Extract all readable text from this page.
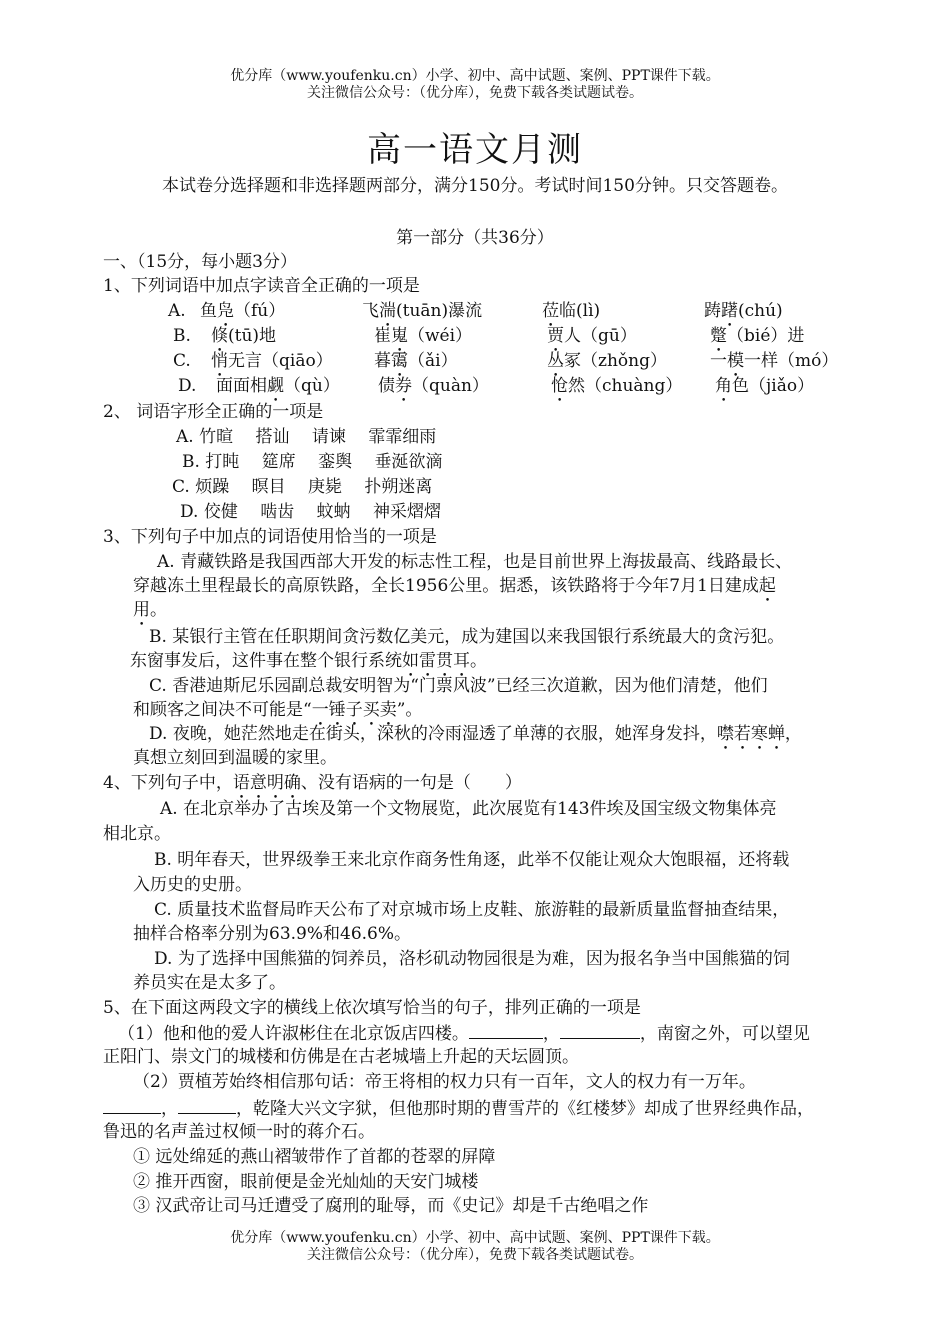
优分库（www.youfenku.cn）小学、初中、高中试题、案例、PPT课件下载。
关注微信公众号：（优分库），免费下载各类试题试卷。
高一语文月测
本试卷分选择题和非选择题两部分，满分150分。考试时间150分钟。只交答题卷。
第一部分（共36分）
一、（15分，每小题3分）
1、下列词语中加点字读音全正确的一项是
A. 鱼凫（fú）	飞湍(tuān)瀑流	莅临(lì)	踌躇(chú)
B. 倏(tū)地	崔嵬（wéi）	贾人（gū）	蹩（bié）进
C. 悄无言（qiāo） 暮霭（ǎi）	丛冢（zhǒng）	一模一样（mó）
D. 面面相觑（qù） 债券（quàn）	怆然（chuàng） 角色（jiǎo）
2、 词语字形全正确的一项是
A. 竹暄　 搭讪　 请谏　 霏霏细雨
B. 打盹　 筵席　 銮舆　 垂涎欲滴
C. 烦躁　 暝目　 庚毙　 扑朔迷离
D. 佼健　 啮齿　 蚊蚋　 神采熠熠
3、下列句子中加点的词语使用恰当的一项是
A. 青藏铁路是我国西部大开发的标志性工程，也是目前世界上海拔最高、线路最长、
穿越冻土里程最长的高原铁路，全长1956公里。据悉，该铁路将于今年7月1日建成起
用。
B. 某银行主管在任职期间贪污数亿美元，成为建国以来我国银行系统最大的贪污犯。
东窗事发后，这件事在整个银行系统如雷贯耳。
C. 香港迪斯尼乐园副总裁安明智为“门票风波”已经三次道歉，因为他们清楚，他们
和顾客之间决不可能是“一锤子买卖”。
D. 夜晚，她茫然地走在街头，深秋的冷雨湿透了单薄的衣服，她浑身发抖，噤若寒蝉，
真想立刻回到温暖的家里。
4、下列句子中，语意明确、没有语病的一句是（　　）
A. 在北京举办了古埃及第一个文物展览，此次展览有143件埃及国宝级文物集体亮
相北京。
B. 明年春天，世界级拳王来北京作商务性角逐，此举不仅能让观众大饱眼福，还将载
入历史的史册。
C. 质量技术监督局昨天公布了对京城市场上皮鞋、旅游鞋的最新质量监督抽查结果，
抽样合格率分别为63.9%和46.6%。
D. 为了选择中国熊猫的饲养员，洛杉矶动物园很是为难，因为报名争当中国熊猫的饲
养员实在是太多了。
5、在下面这两段文字的横线上依次填写恰当的句子，排列正确的一项是
（1）他和他的爱人许淑彬住在北京饭店四楼。	，	，南窗之外，可以望见
正阳门、崇文门的城楼和仿佛是在古老城墙上升起的天坛圆顶。
（2）贾植芳始终相信那句话：帝王将相的权力只有一百年，文人的权力有一万年。
，	，乾隆大兴文字狱，但他那时期的曹雪芹的《红楼梦》却成了世界经典作品，
鲁迅的名声盖过权倾一时的蒋介石。
① 远处绵延的燕山褶皱带作了首都的苍翠的屏障
② 推开西窗，眼前便是金光灿灿的天安门城楼
③ 汉武帝让司马迁遭受了腐刑的耻辱，而《史记》却是千古绝唱之作
优分库（www.youfenku.cn）小学、初中、高中试题、案例、PPT课件下载。
关注微信公众号：（优分库），免费下载各类试题试卷。
